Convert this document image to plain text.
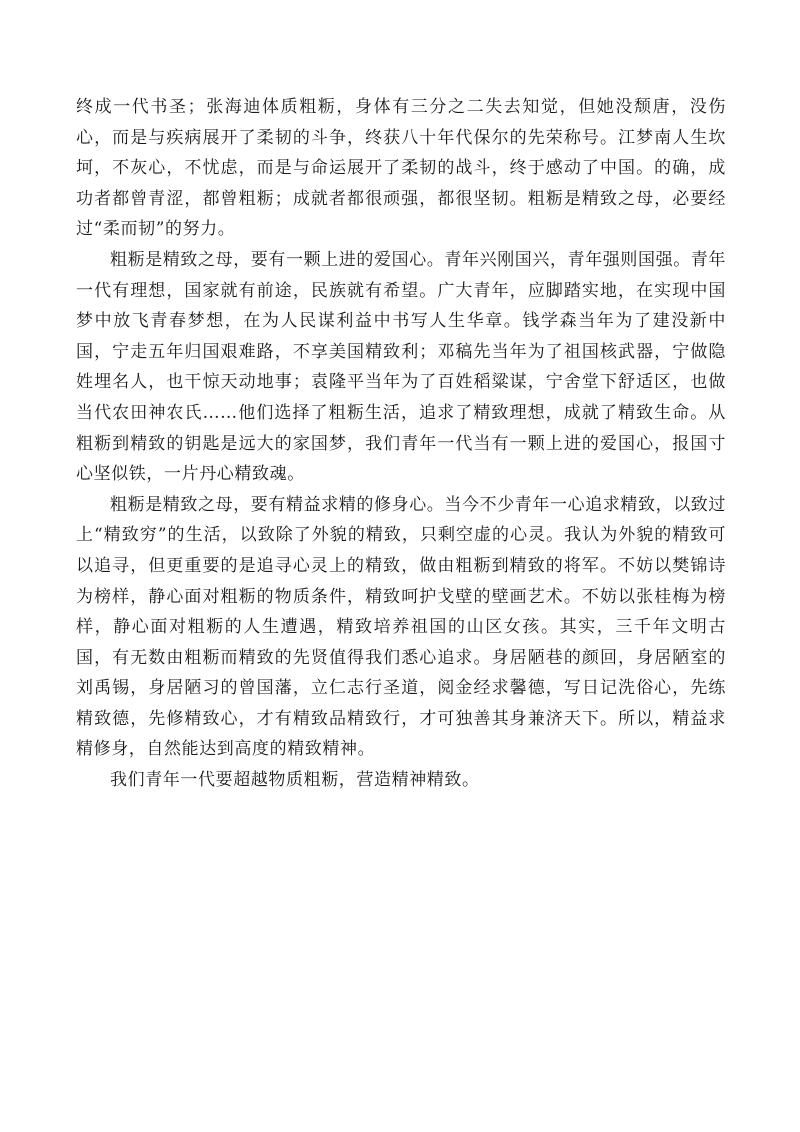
终成一代书圣；张海迪体质粗粝，身体有三分之二失去知觉，但她没颓唐，没伤心，而是与疾病展开了柔韧的斗争，终获八十年代保尔的先荣称号。江梦南人生坎坷，不灰心，不忧虑，而是与命运展开了柔韧的战斗，终于感动了中国。的确，成功者都曾青涩，都曾粗粝；成就者都很顽强，都很坚韧。粗粝是精致之母，必要经过“柔而韧”的努力。

粗粝是精致之母，要有一颗上进的爱国心。青年兴刚国兴，青年强则国强。青年一代有理想，国家就有前途，民族就有希望。广大青年，应脚踏实地，在实现中国梦中放飞青春梦想，在为人民谋利益中书写人生华章。钱学森当年为了建没新中国，宁走五年归国艰难路，不享美国精致利；邓稿先当年为了祖国核武器，宁做隐姓埋名人，也干惊天动地事；袁隆平当年为了百姓稻粱谋，宁舍堂下舒适区，也做当代农田神农氏……他们选择了粗粝生活，追求了精致理想，成就了精致生命。从粗粝到精致的钥匙是远大的家国梦，我们青年一代当有一颗上进的爱国心，报国寸心坚似铁，一片丹心精致魂。

粗粝是精致之母，要有精益求精的修身心。当今不少青年一心追求精致，以致过上“精致穷”的生活，以致除了外貌的精致，只剩空虚的心灵。我认为外貌的精致可以追寻，但更重要的是追寻心灵上的精致，做由粗粝到精致的将军。不妨以樊锦诗为榜样，静心面对粗粝的物质条件，精致呵护戈壁的壁画艺术。不妨以张桂梅为榜样，静心面对粗粝的人生遭遇，精致培养祖国的山区女孩。其实，三千年文明古国，有无数由粗粝而精致的先贤值得我们悉心追求。身居陋巷的颜回，身居陋室的刘禹锡，身居陋习的曾国藩，立仁志行圣道，阅金经求馨德，写日记洗俗心，先练精致德，先修精致心，才有精致品精致行，才可独善其身兼济天下。所以，精益求精修身，自然能达到高度的精致精神。

我们青年一代要超越物质粗粝，营造精神精致。
